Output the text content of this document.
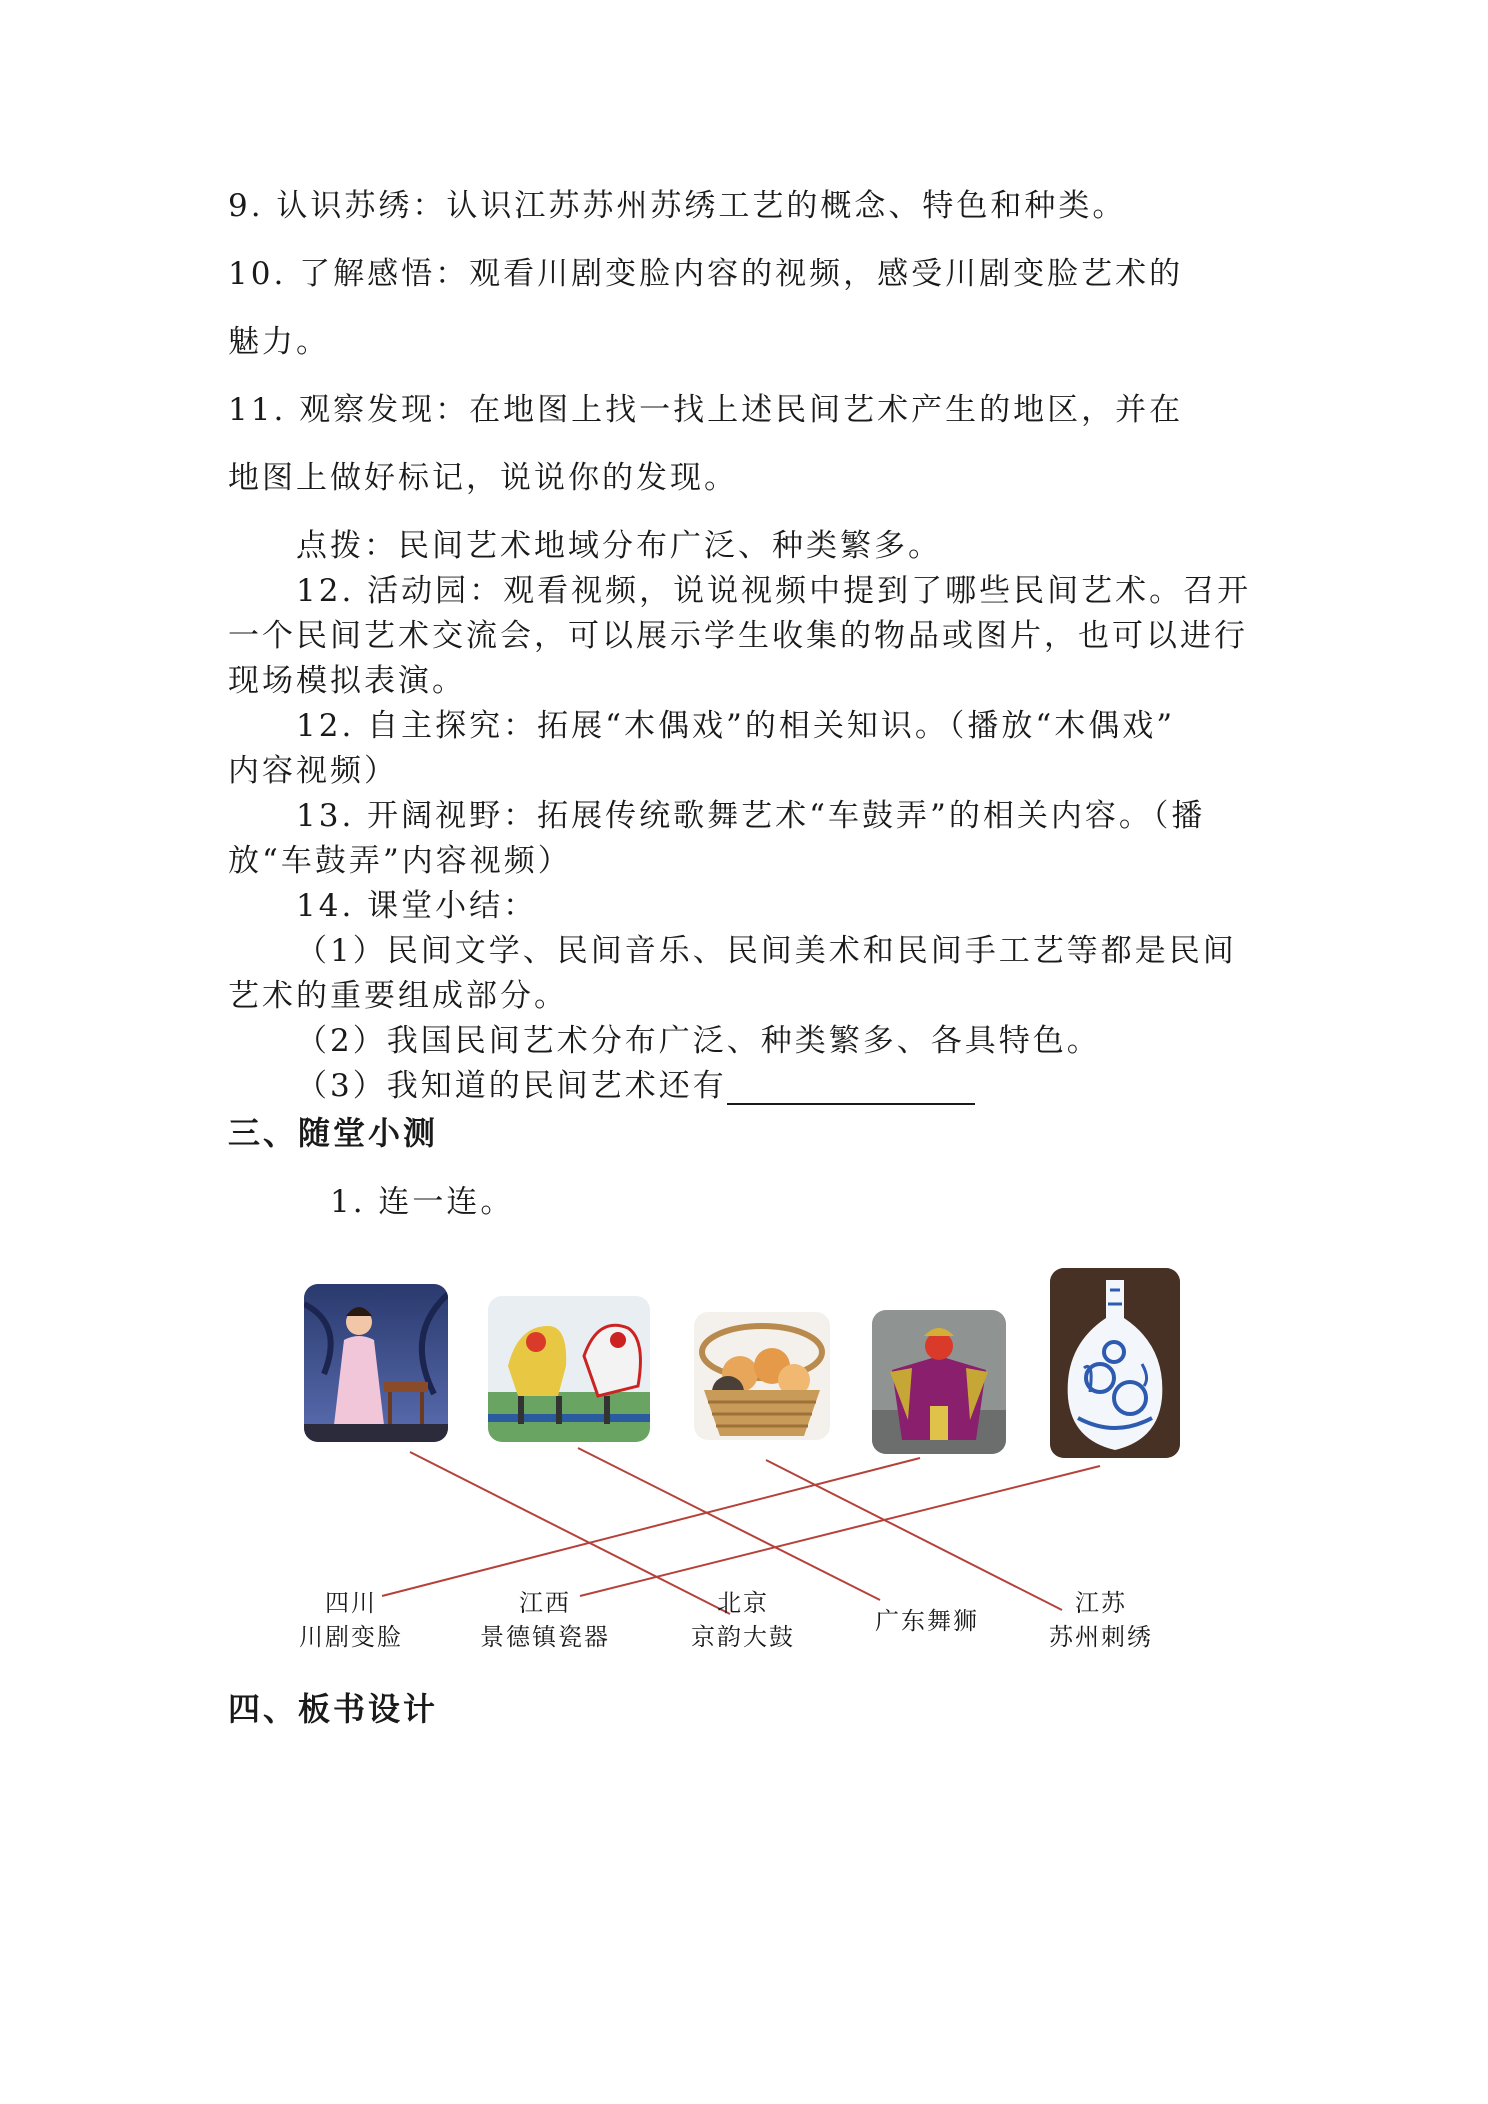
9. 认识苏绣：认识江苏苏州苏绣工艺的概念、特色和种类。
10. 了解感悟：观看川剧变脸内容的视频，感受川剧变脸艺术的
魅力。
11. 观察发现：在地图上找一找上述民间艺术产生的地区，并在
地图上做好标记，说说你的发现。
点拨：民间艺术地域分布广泛、种类繁多。
12. 活动园：观看视频，说说视频中提到了哪些民间艺术。召开
一个民间艺术交流会，可以展示学生收集的物品或图片，也可以进行
现场模拟表演。
12. 自主探究：拓展“木偶戏”的相关知识。（播放“木偶戏”
内容视频）
13. 开阔视野：拓展传统歌舞艺术“车鼓弄”的相关内容。（播
放“车鼓弄”内容视频）
14. 课堂小结：
（1）民间文学、民间音乐、民间美术和民间手工艺等都是民间
艺术的重要组成部分。
（2）我国民间艺术分布广泛、种类繁多、各具特色。
（3）我知道的民间艺术还有
三、随堂小测
1. 连一连。
四川
川剧变脸
江西
景德镇瓷器
北京
京韵大鼓
广东舞狮
江苏
苏州刺绣
四、板书设计
